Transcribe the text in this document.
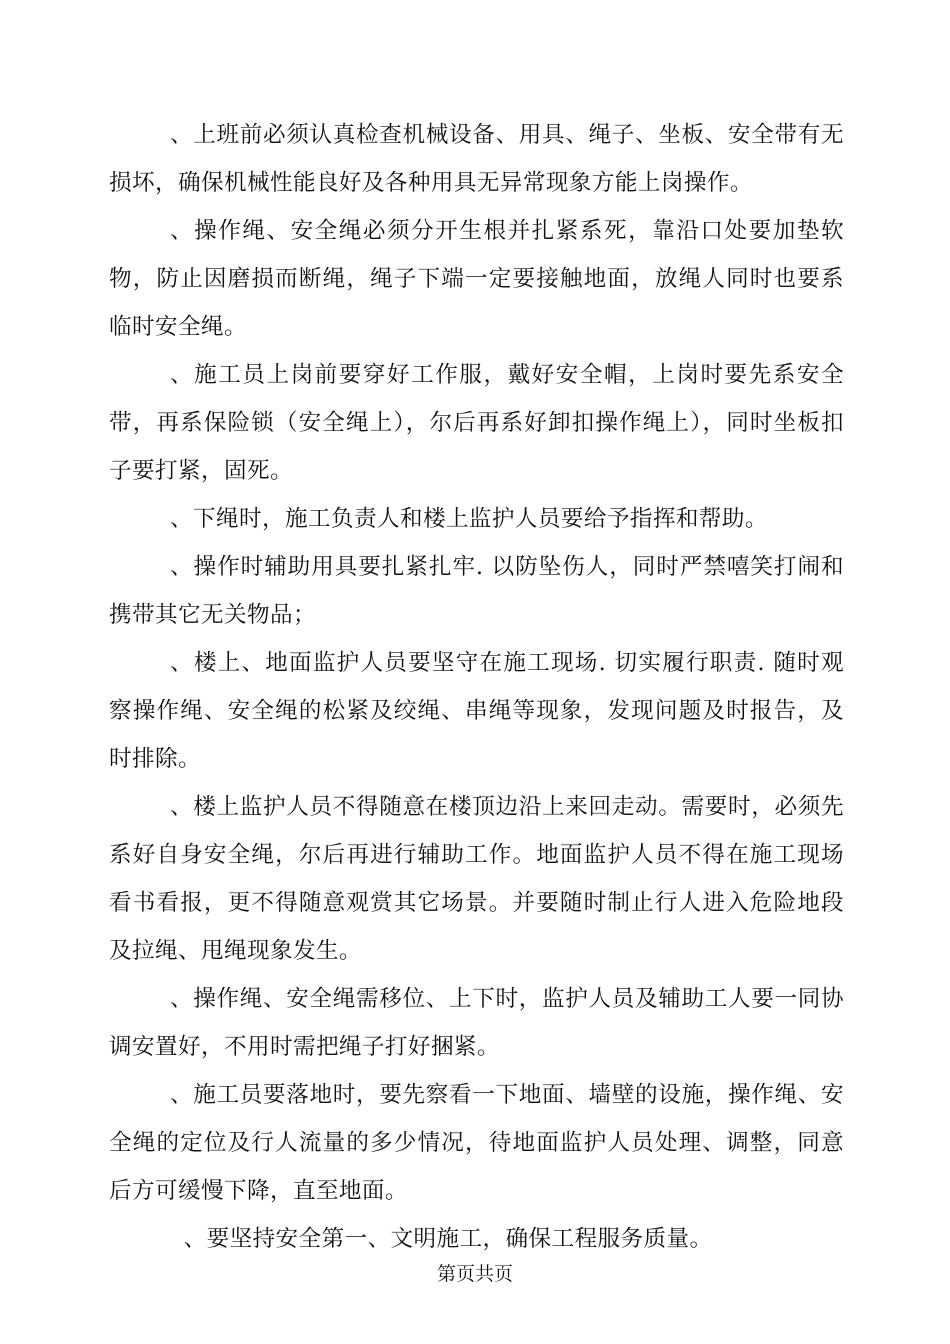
、上班前必须认真检查机械设备、用具、绳子、坐板、安全带有无损坏，确保机械性能良好及各种用具无异常现象方能上岗操作。

、操作绳、安全绳必须分开生根并扎紧系死，靠沿口处要加垫软物，防止因磨损而断绳，绳子下端一定要接触地面，放绳人同时也要系临时安全绳。

、施工员上岗前要穿好工作服，戴好安全帽，上岗时要先系安全带，再系保险锁（安全绳上），尔后再系好卸扣操作绳上），同时坐板扣子要打紧，固死。

、下绳时，施工负责人和楼上监护人员要给予指挥和帮助。

、操作时辅助用具要扎紧扎牢. 以防坠伤人，同时严禁嘻笑打闹和携带其它无关物品；

、楼上、地面监护人员要坚守在施工现场. 切实履行职责. 随时观察操作绳、安全绳的松紧及绞绳、串绳等现象，发现问题及时报告，及时排除。

、楼上监护人员不得随意在楼顶边沿上来回走动。需要时，必须先系好自身安全绳，尔后再进行辅助工作。地面监护人员不得在施工现场看书看报，更不得随意观赏其它场景。并要随时制止行人进入危险地段及拉绳、甩绳现象发生。

、操作绳、安全绳需移位、上下时，监护人员及辅助工人要一同协调安置好，不用时需把绳子打好捆紧。

、施工员要落地时，要先察看一下地面、墙壁的设施，操作绳、安全绳的定位及行人流量的多少情况，待地面监护人员处理、调整，同意后方可缓慢下降，直至地面。

、要坚持安全第一、文明施工，确保工程服务质量。

第页共页
